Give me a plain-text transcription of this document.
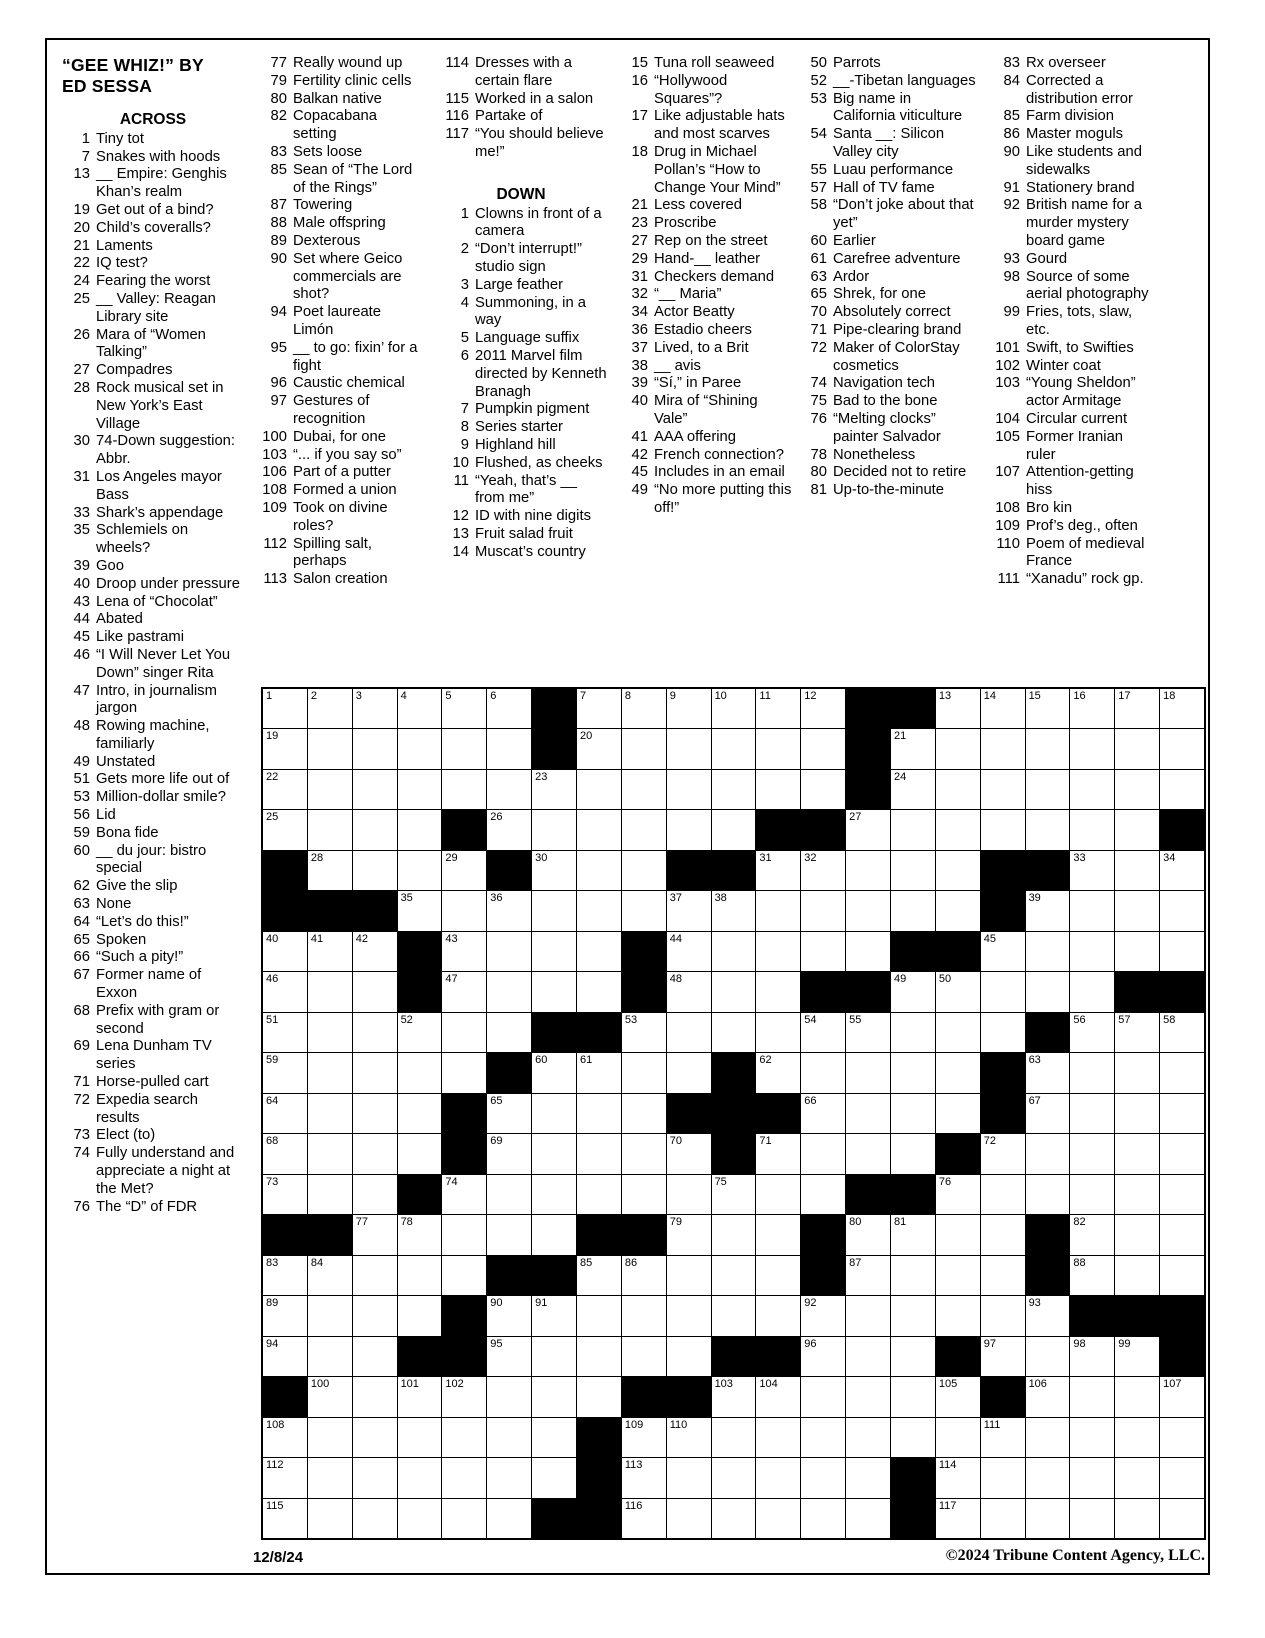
“GEE WHIZ!” BY
ED SESSA
ACROSS
1 Tiny tot
7 Snakes with hoods
13 __ Empire: Genghis Khan’s realm
19 Get out of a bind?
20 Child’s coveralls?
21 Laments
22 IQ test?
24 Fearing the worst
25 __ Valley: Reagan Library site
26 Mara of “Women Talking”
27 Compadres
28 Rock musical set in New York’s East Village
30 74-Down suggestion: Abbr.
31 Los Angeles mayor Bass
33 Shark’s appendage
35 Schlemiels on wheels?
39 Goo
40 Droop under pressure
43 Lena of “Chocolat”
44 Abated
45 Like pastrami
46 “I Will Never Let You Down” singer Rita
47 Intro, in journalism jargon
48 Rowing machine, familiarly
49 Unstated
51 Gets more life out of
53 Million-dollar smile?
56 Lid
59 Bona fide
60 __ du jour: bistro special
62 Give the slip
63 None
64 “Let’s do this!”
65 Spoken
66 “Such a pity!”
67 Former name of Exxon
68 Prefix with gram or second
69 Lena Dunham TV series
71 Horse-pulled cart
72 Expedia search results
73 Elect (to)
74 Fully understand and appreciate a night at the Met?
76 The “D” of FDR
77 Really wound up
79 Fertility clinic cells
80 Balkan native
82 Copacabana setting
83 Sets loose
85 Sean of “The Lord of the Rings”
87 Towering
88 Male offspring
89 Dexterous
90 Set where Geico commercials are shot?
94 Poet laureate Limón
95 __ to go: fixin’ for a fight
96 Caustic chemical
97 Gestures of recognition
100 Dubai, for one
103 “... if you say so”
106 Part of a putter
108 Formed a union
109 Took on divine roles?
112 Spilling salt, perhaps
113 Salon creation
114 Dresses with a certain flare
115 Worked in a salon
116 Partake of
117 “You should believe me!”
DOWN
1 Clowns in front of a camera
2 “Don’t interrupt!” studio sign
3 Large feather
4 Summoning, in a way
5 Language suffix
6 2011 Marvel film directed by Kenneth Branagh
7 Pumpkin pigment
8 Series starter
9 Highland hill
10 Flushed, as cheeks
11 “Yeah, that’s __ from me”
12 ID with nine digits
13 Fruit salad fruit
14 Muscat’s country
15 Tuna roll seaweed
16 “Hollywood Squares”?
17 Like adjustable hats and most scarves
18 Drug in Michael Pollan’s “How to Change Your Mind”
21 Less covered
23 Proscribe
27 Rep on the street
29 Hand-__ leather
31 Checkers demand
32 “__ Maria”
34 Actor Beatty
36 Estadio cheers
37 Lived, to a Brit
38 __ avis
39 “Sí,” in Paree
40 Mira of “Shining Vale”
41 AAA offering
42 French connection?
45 Includes in an email
49 “No more putting this off!”
50 Parrots
52 __-Tibetan languages
53 Big name in California viticulture
54 Santa __: Silicon Valley city
55 Luau performance
57 Hall of TV fame
58 “Don’t joke about that yet”
60 Earlier
61 Carefree adventure
63 Ardor
65 Shrek, for one
70 Absolutely correct
71 Pipe-clearing brand
72 Maker of ColorStay cosmetics
74 Navigation tech
75 Bad to the bone
76 “Melting clocks” painter Salvador
78 Nonetheless
80 Decided not to retire
81 Up-to-the-minute
83 Rx overseer
84 Corrected a distribution error
85 Farm division
86 Master moguls
90 Like students and sidewalks
91 Stationery brand
92 British name for a murder mystery board game
93 Gourd
98 Source of some aerial photography
99 Fries, tots, slaw, etc.
101 Swift, to Swifties
102 Winter coat
103 “Young Sheldon” actor Armitage
104 Circular current
105 Former Iranian ruler
107 Attention-getting hiss
108 Bro kin
109 Prof’s deg., often
110 Poem of medieval France
111 “Xanadu” rock gp.
1	2	3	4	5	6	7	8	9	10	11	12	13	14	15	16	17	18
19	20	21
22	23	24
25	26	27
28	29	30	31	32	33	34
35	36	37	38	39
40	41	42	43	44	45
46	47	48	49	50
51	52	53	54	55	56	57	58
59	60	61	62	63
64	65	66	67
68	69	70	71	72
73	74	75	76
77	78	79	80	81	82
83	84	85	86	87	88
89	90	91	92	93
94	95	96	97	98	99
100	101 102	103 104	105	106	107
108	109 110	111
112	113	114
115	116	117
12/8/24	©2024 Tribune Content Agency, LLC.
